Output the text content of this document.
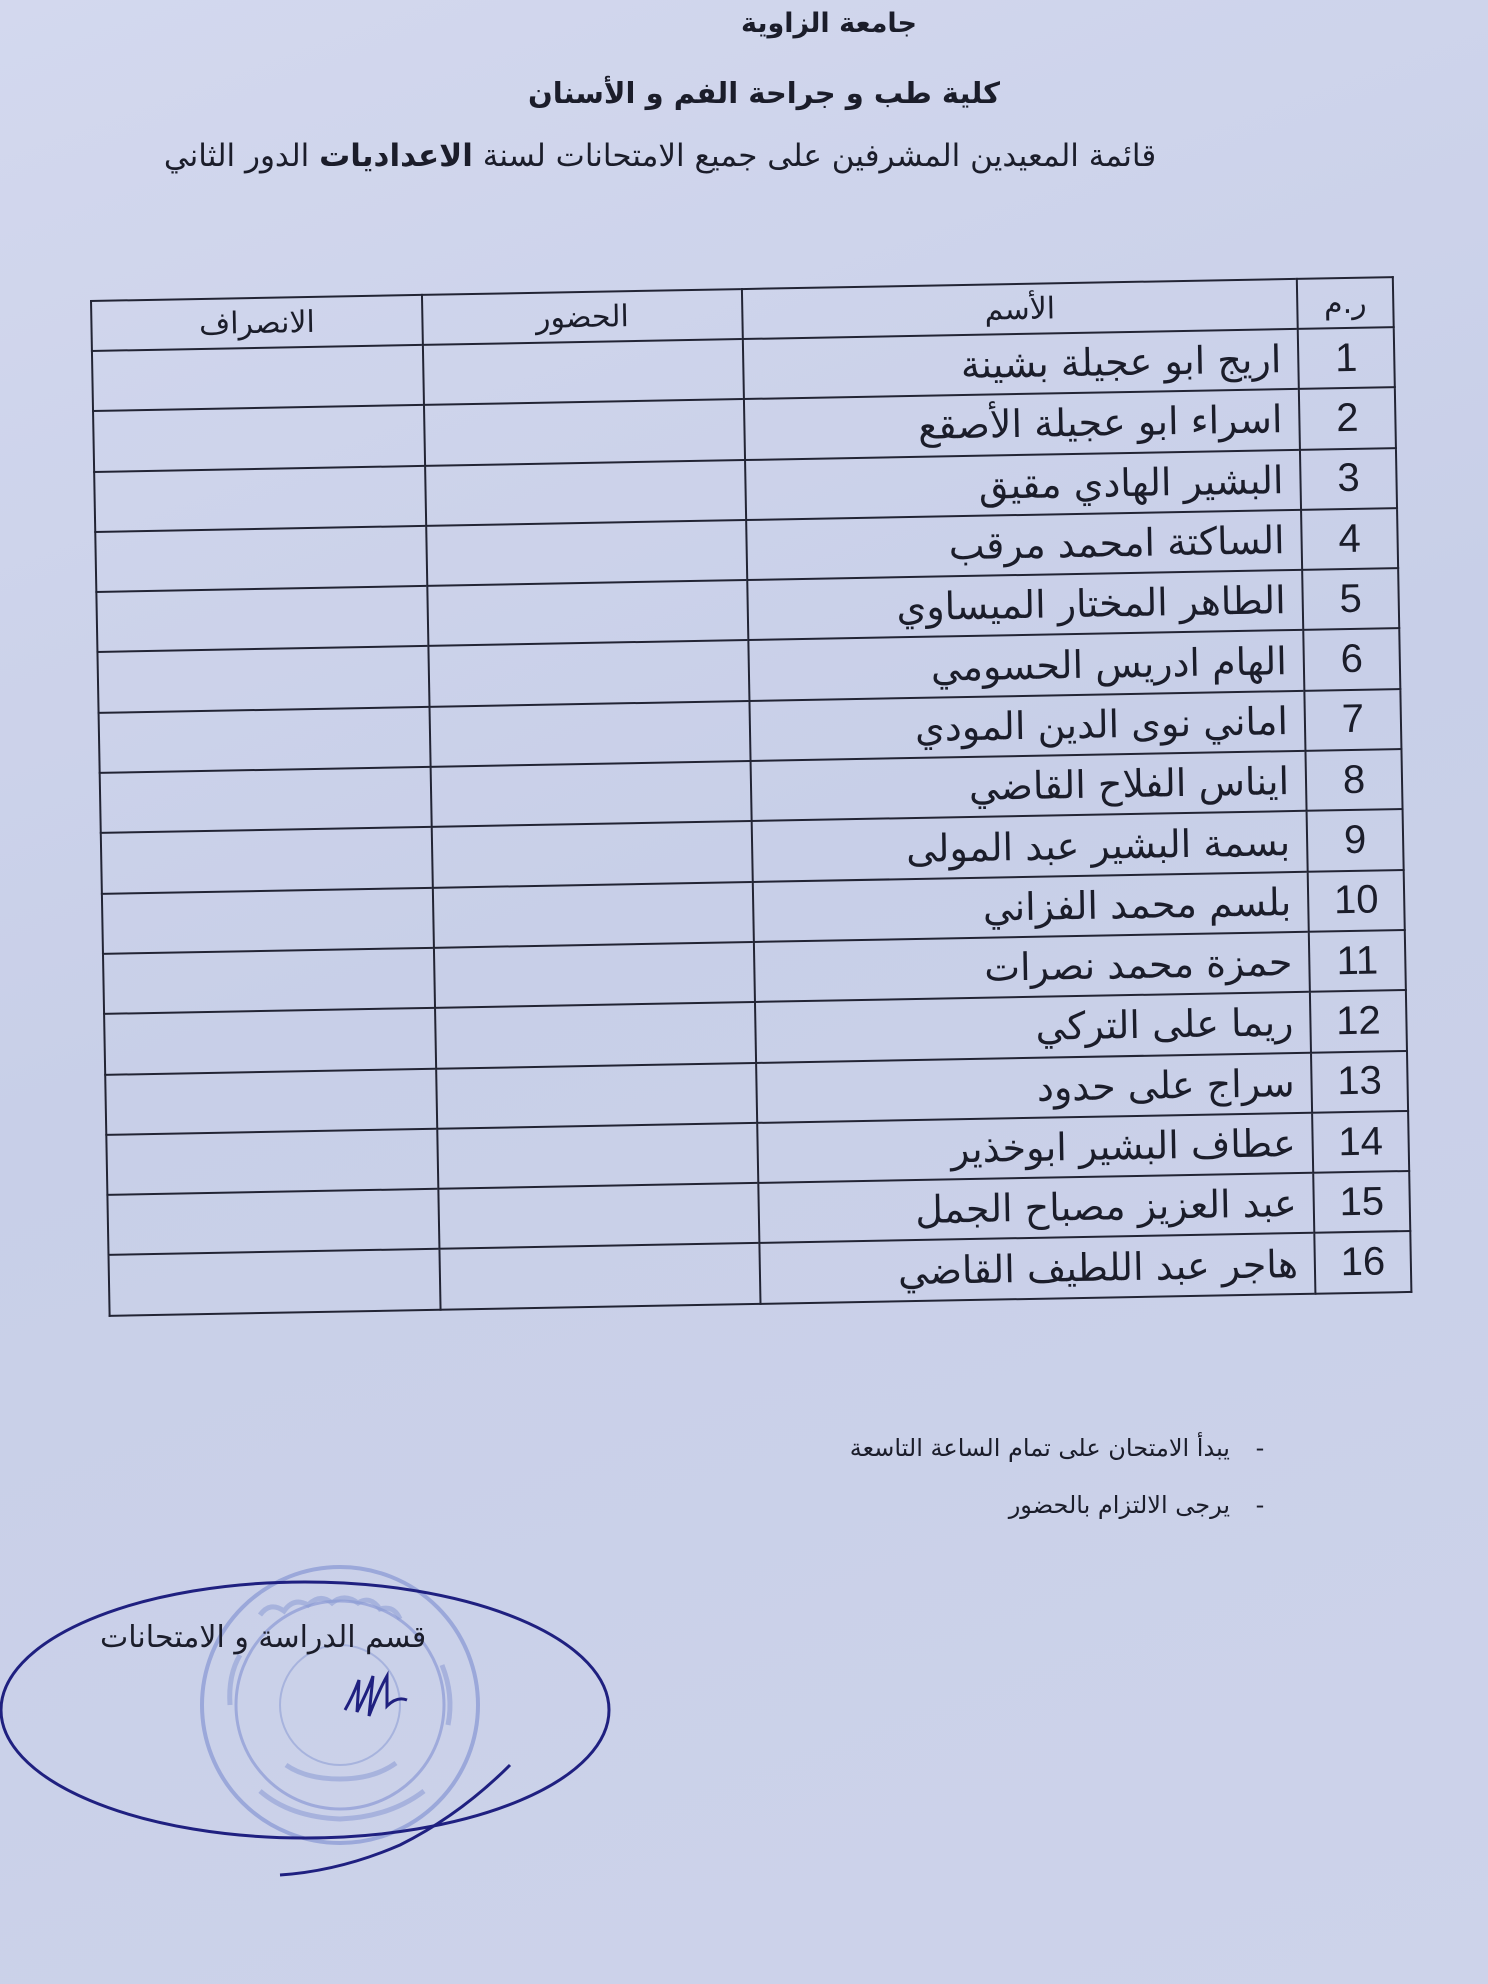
جامعة الزاوية
كلية طب و جراحة الفم و الأسنان
قائمة المعيدين المشرفين على جميع الامتحانات لسنة الاعداديات الدور الثاني
ر.م	الأسم	الحضور	الانصراف
1	اريج ابو عجيلة بشينة		
2	اسراء ابو عجيلة الأصقع		
3	البشير الهادي مقيق		
4	الساكتة امحمد مرقب		
5	الطاهر المختار الميساوي		
6	الهام ادريس الحسومي		
7	اماني نوى الدين المودي		
8	ايناس الفلاح القاضي		
9	بسمة البشير عبد المولى		
10	بلسم محمد الفزاني		
11	حمزة محمد نصرات		
12	ريما على التركي		
13	سراج على حدود		
14	عطاف البشير ابوخذير		
15	عبد العزيز مصباح الجمل		
16	هاجر عبد اللطيف القاضي		
-
يبدأ الامتحان على تمام الساعة التاسعة
-
يرجى الالتزام بالحضور
قسم الدراسة و الامتحانات
